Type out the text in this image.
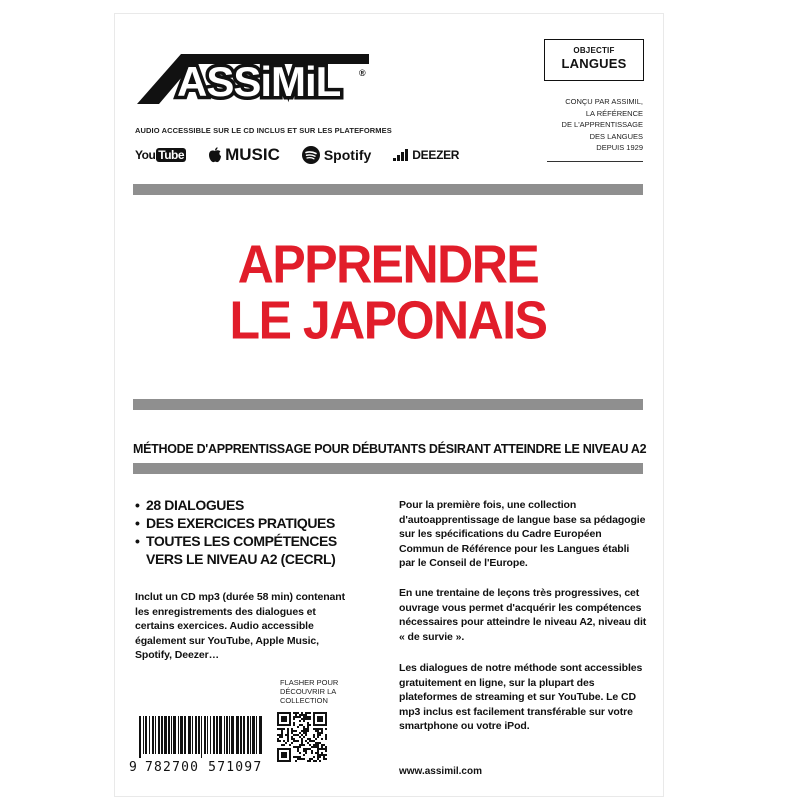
ASSiMiL ®
AUDIO ACCESSIBLE SUR LE CD INCLUS ET SUR LES PLATEFORMES
You Tube MUSIC	Spotify	DEEZER
OBJECTIF
LANGUES
CONÇU PAR ASSIMIL,
LA RÉFÉRENCE
DE L'APPRENTISSAGE
DES LANGUES
DEPUIS 1929
APPRENDRE
LE JAPONAIS
MÉTHODE D'APPRENTISSAGE POUR DÉBUTANTS DÉSIRANT ATTEINDRE LE NIVEAU A2
• 28 DIALOGUES
• DES EXERCICES PRATIQUES
• TOUTES LES COMPÉTENCES
VERS LE NIVEAU A2 (CECRL)
Inclut un CD mp3 (durée 58 min) contenant les enregistrements des dialogues et certains exercices. Audio accessible également sur YouTube, Apple Music, Spotify, Deezer…
FLASHER POUR
DÉCOUVRIR LA
COLLECTION
9 782700 571097
Pour la première fois, une collection d'autoapprentissage de langue base sa pédagogie sur les spécifications du Cadre Européen Commun de Référence pour les Langues établi par le Conseil de l'Europe.
En une trentaine de leçons très progressives, cet ouvrage vous permet d'acquérir les compétences nécessaires pour atteindre le niveau A2, niveau dit « de survie ».
Les dialogues de notre méthode sont accessibles gratuitement en ligne, sur la plupart des plateformes de streaming et sur YouTube. Le CD mp3 inclus est facilement transférable sur votre smartphone ou votre iPod.
www.assimil.com
